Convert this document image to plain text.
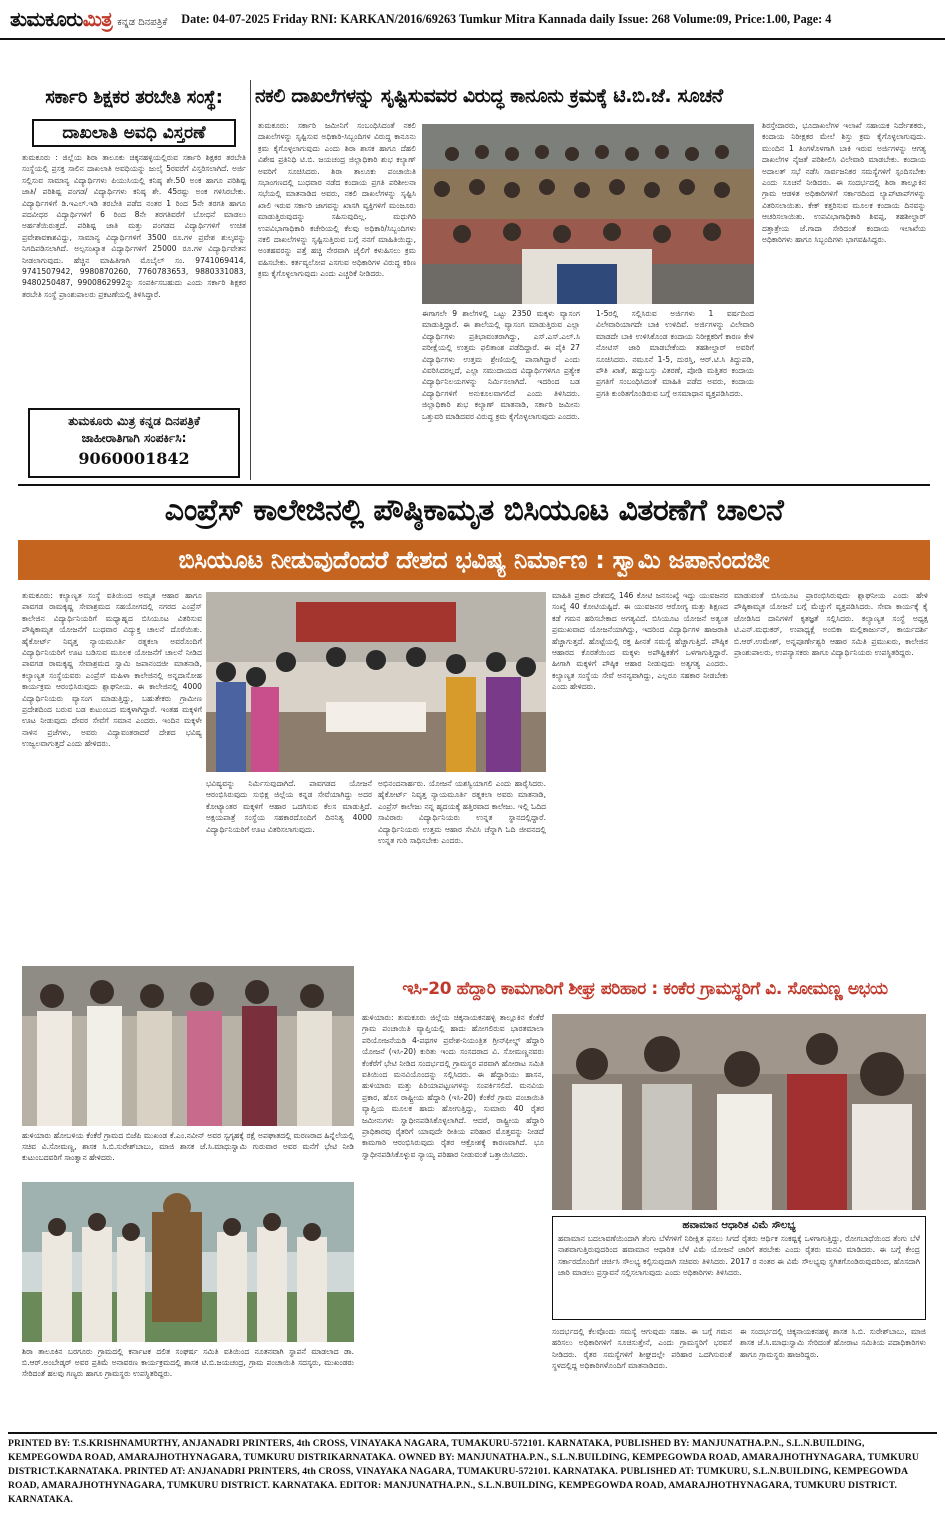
ತುಮಕೂರುಮಿತ್ರ ಕನ್ನಡ ದಿನಪತ್ರಿಕೆ Date: 04-07-2025 Friday RNI: KARKAN/2016/69263 Tumkur Mitra Kannada daily Issue: 268 Volume:09, Price:1.00, Page: 4
ಸರ್ಕಾರಿ ಶಿಕ್ಷಕರ ತರಬೇತಿ ಸಂಸ್ಥೆ:
ದಾಖಲಾತಿ ಅವಧಿ ವಿಸ್ತರಣೆ
ತುಮಕೂರು : ಜಿಲ್ಲೆಯ ಶಿರಾ ತಾಲೂಕು ಚಿಕ್ಕನಹಳ್ಳಿಯಲ್ಲಿರುವ ಸರ್ಕಾರಿ ಶಿಕ್ಷಕರ ತರಬೇತಿ ಸಂಸ್ಥೆಯಲ್ಲಿ ಪ್ರಸಕ್ತ ಸಾಲಿನ ದಾಖಲಾತಿ ಅವಧಿಯನ್ನು ಜುಲೈ 5ರವರೆಗೆ ವಿಸ್ತರಿಸಲಾಗಿದೆ. ಅರ್ಜಿ ಸಲ್ಲಿಸುವ ಸಾಮಾನ್ಯ ವಿದ್ಯಾರ್ಥಿಗಳು ಪಿಯುಸಿಯಲ್ಲಿ ಕನಿಷ್ಠ ಶೇ.50 ಅಂಕ ಹಾಗೂ ಪರಿಶಿಷ್ಟ ಜಾತಿ/ ಪರಿಶಿಷ್ಟ ಪಂಗಡ/ ವಿದ್ಯಾರ್ಥಿಗಳು ಕನಿಷ್ಠ ಶೇ. 45ರಷ್ಟು ಅಂಕ ಗಳಿಸಿರಬೇಕು. ವಿದ್ಯಾರ್ಥಿಗಳಿಗೆ ಡಿ.ಇಎಲ್.ಇಡಿ ತರಬೇತಿ ಪಡೆದ ನಂತರ 1 ರಿಂದ 5ನೇ ತರಗತಿ ಹಾಗೂ ಪದವೀಧರ ವಿದ್ಯಾರ್ಥಿಗಳಿಗೆ 6 ರಿಂದ 8ನೇ ತರಗತಿವರೆಗೆ ಬೋಧನೆ ಮಾಡಲು ಅರ್ಹತೆಯಿರುತ್ತದೆ. ಪರಿಶಿಷ್ಟ ಜಾತಿ ಮತ್ತು ಪಂಗಡದ ವಿದ್ಯಾರ್ಥಿಗಳಿಗೆ ಉಚಿತ ಪ್ರವೇಶಾವಕಾಶವಿದ್ದು, ಸಾಮಾನ್ಯ ವಿದ್ಯಾರ್ಥಿಗಳಿಗೆ 3500 ರೂ.ಗಳ ಪ್ರವೇಶ ಶುಲ್ಕವನ್ನು ನಿಗದಿಪಡಿಸಲಾಗಿದೆ. ಅಲ್ಪಸಂಖ್ಯಾತ ವಿದ್ಯಾರ್ಥಿಗಳಿಗೆ 25000 ರೂ.ಗಳ ವಿದ್ಯಾರ್ಥಿವೇತನ ನೀಡಲಾಗುವುದು. ಹೆಚ್ಚಿನ ಮಾಹಿತಿಗಾಗಿ ಮೊಬೈಲ್ ಸಂ. 9741069414, 9741507942, 9980870260, 7760783653, 9880331083, 9480250487, 9900862992ನ್ನು ಸಂಪರ್ಕಿಸಬಹುದು ಎಂದು ಸರ್ಕಾರಿ ಶಿಕ್ಷಕರ ತರಬೇತಿ ಸಂಸ್ಥೆ ಪ್ರಾಂಶುಪಾಲರು ಪ್ರಕಟಣೆಯಲ್ಲಿ ತಿಳಿಸಿದ್ದಾರೆ.
ತುಮಕೂರು ಮಿತ್ರ ಕನ್ನಡ ದಿನಪತ್ರಿಕೆ
ಜಾಹೀರಾತಿಗಾಗಿ ಸಂಪರ್ಕಿಸಿ:
9060001842
ನಕಲಿ ದಾಖಲೆಗಳನ್ನು ಸೃಷ್ಟಿಸುವವರ ವಿರುದ್ಧ ಕಾನೂನು ಕ್ರಮಕ್ಕೆ ಟಿ.ಬಿ.ಜೆ. ಸೂಚನೆ
ತುಮಕೂರು: ಸರ್ಕಾರಿ ಜಮೀನಿಗೆ ಸಂಬಂಧಿಸಿದಂತೆ ನಕಲಿ ದಾಖಲೆಗಳನ್ನು ಸೃಷ್ಟಿಸುವ ಅಧಿಕಾರಿ-ಸಿಬ್ಬಂದಿಗಳ ವಿರುದ್ಧ ಕಾನೂನು ಕ್ರಮ ಕೈಗೊಳ್ಳಲಾಗುವುದು ಎಂದು ಶಿರಾ ಶಾಸಕ ಹಾಗೂ ದೆಹಲಿ ವಿಶೇಷ ಪ್ರತಿನಿಧಿ ಟಿ.ಬಿ. ಜಯಚಂದ್ರ ಜಿಲ್ಲಾಧಿಕಾರಿ ಶುಭ ಕಲ್ಯಾಣ್ ಅವರಿಗೆ ಸೂಚಿಸಿದರು. ಶಿರಾ ತಾಲೂಕು ಪಂಚಾಯಿತಿ ಸಭಾಂಗಣದಲ್ಲಿ ಬುಧವಾರ ನಡೆದ ಕಂದಾಯ ಪ್ರಗತಿ ಪರಿಶೀಲನಾ ಸಭೆಯಲ್ಲಿ ಮಾತನಾಡಿದ ಅವರು, ನಕಲಿ ದಾಖಲೆಗಳನ್ನು ಸೃಷ್ಟಿಸಿ ಖಾಲಿ ಇರುವ ಸರ್ಕಾರಿ ಜಾಗವನ್ನು ಖಾಸಗಿ ವ್ಯಕ್ತಿಗಳಿಗೆ ಮಂಜೂರು ಮಾಡುತ್ತಿರುವುದನ್ನು ಸಹಿಸುವುದಿಲ್ಲ. ಮಧುಗಿರಿ ಉಪವಿಭಾಗಾಧಿಕಾರಿ ಕಚೇರಿಯಲ್ಲಿ ಕೆಲವು ಅಧಿಕಾರಿ/ಸಿಬ್ಬಂದಿಗಳು ನಕಲಿ ದಾಖಲೆಗಳನ್ನು ಸೃಷ್ಟಿಸುತ್ತಿರುವ ಬಗ್ಗೆ ನನಗೆ ಮಾಹಿತಿಯಿದ್ದು, ಅಂತಹವರನ್ನು ಪತ್ತೆ ಹಚ್ಚಿ ನೇರವಾಗಿ ಜೈಲಿಗೆ ಕಳುಹಿಸಲು ಕ್ರಮ ವಹಿಸಬೇಕು. ಕರ್ತವ್ಯಲೋಪ ಎಸಗುವ ಅಧಿಕಾರಿಗಳ ವಿರುದ್ಧ ಕಠಿಣ ಕ್ರಮ ಕೈಗೊಳ್ಳಲಾಗುವುದು ಎಂದು ಎಚ್ಚರಿಕೆ ನೀಡಿದರು.
ಈಗಾಗಲೇ 9 ಶಾಲೆಗಳಲ್ಲಿ ಒಟ್ಟು 2350 ಮಕ್ಕಳು ವ್ಯಾಸಂಗ ಮಾಡುತ್ತಿದ್ದಾರೆ. ಈ ಶಾಲೆಯಲ್ಲಿ ವ್ಯಾಸಂಗ ಮಾಡುತ್ತಿರುವ ಎಲ್ಲಾ ವಿದ್ಯಾರ್ಥಿಗಳು ಪ್ರತಿಭಾವಂತರಾಗಿದ್ದು, ಎಸ್.ಎಸ್.ಎಲ್.ಸಿ ಪರೀಕ್ಷೆಯಲ್ಲಿ ಉತ್ತಮ ಫಲಿತಾಂಶ ಪಡೆದಿದ್ದಾರೆ. ಈ ಪೈಕಿ 27 ವಿದ್ಯಾರ್ಥಿಗಳು ಉತ್ತಮ ಶ್ರೇಣಿಯಲ್ಲಿ ಪಾಸಾಗಿದ್ದಾರೆ ಎಂದು ವಿವರಿಸಿದರಲ್ಲದೆ, ಎಲ್ಲಾ ಸಮುದಾಯದ ವಿದ್ಯಾರ್ಥಿಗಳಿಗೂ ಪ್ರತ್ಯೇಕ ವಿದ್ಯಾರ್ಥಿನಿಲಯಗಳನ್ನು ನಿರ್ಮಿಸಲಾಗಿದೆ. ಇದರಿಂದ ಬಡ ವಿದ್ಯಾರ್ಥಿಗಳಿಗೆ ಅನುಕೂಲವಾಗಲಿದೆ ಎಂದು ತಿಳಿಸಿದರು. ಜಿಲ್ಲಾಧಿಕಾರಿ ಶುಭ ಕಲ್ಯಾಣ್ ಮಾತನಾಡಿ, ಸರ್ಕಾರಿ ಜಮೀನು ಒತ್ತುವರಿ ಮಾಡಿದವರ ವಿರುದ್ಧ ಕ್ರಮ ಕೈಗೊಳ್ಳಲಾಗುವುದು ಎಂದರು.
1-5ರಲ್ಲಿ ಸಲ್ಲಿಸಿರುವ ಅರ್ಜಿಗಳು 1 ವರ್ಷದಿಂದ ವಿಲೇವಾರಿಯಾಗದೇ ಬಾಕಿ ಉಳಿದಿವೆ. ಅರ್ಜಿಗಳನ್ನು ವಿಲೇವಾರಿ ಮಾಡದೇ ಬಾಕಿ ಉಳಿಸಿಕೊಂಡ ಕಂದಾಯ ನಿರೀಕ್ಷಕರಿಗೆ ಕಾರಣ ಕೇಳಿ ನೋಟಿಸ್ ಜಾರಿ ಮಾಡಬೇಕೆಂದು ತಹಶೀಲ್ದಾರ್ ಅವರಿಗೆ ಸೂಚಿಸಿದರು. ನಮೂನೆ 1-5, ದುರಸ್ತಿ, ಆರ್.ಟಿ.ಸಿ ತಿದ್ದುಪಡಿ, ಪೌತಿ ಖಾತೆ, ಹದ್ದುಬಸ್ತು ವಿತರಣೆ, ಪೋಡಿ ಮತ್ತಿತರ ಕಂದಾಯ ಪ್ರಗತಿಗೆ ಸಂಬಂಧಿಸಿದಂತೆ ಮಾಹಿತಿ ಪಡೆದ ಅವರು, ಕಂದಾಯ ಪ್ರಗತಿ ಕುಂಠಿತಗೊಂಡಿರುವ ಬಗ್ಗೆ ಅಸಮಾಧಾನ ವ್ಯಕ್ತಪಡಿಸಿದರು.
ಶಿರಸ್ತೇದಾರರು, ಭೂದಾಖಲೆಗಳ ಇಲಾಖೆ ಸಹಾಯಕ ನಿರ್ದೇಶಕರು, ಕಂದಾಯ ನಿರೀಕ್ಷಕರ ಮೇಲೆ ಶಿಸ್ತು ಕ್ರಮ ಕೈಗೊಳ್ಳಲಾಗುವುದು. ಮುಂದಿನ 1 ತಿಂಗಳೊಳಗಾಗಿ ಬಾಕಿ ಇರುವ ಅರ್ಜಿಗಳನ್ನು ಆಗತ್ಯ ದಾಖಲೆಗಳ ನೈಜತೆ ಪರಿಶೀಲಿಸಿ ವಿಲೇವಾರಿ ಮಾಡಬೇಕು. ಕಂದಾಯ ಅದಾಲತ್ ಸಭೆ ನಡೆಸಿ ಸಾರ್ವಜನಿಕರ ಸಮಸ್ಯೆಗಳಿಗೆ ಸ್ಪಂದಿಸಬೇಕು ಎಂದು ಸೂಚನೆ ನೀಡಿದರು. ಈ ಸಂದರ್ಭದಲ್ಲಿ ಶಿರಾ ತಾಲ್ಲೂಕಿನ ಗ್ರಾಮ ಆಡಳಿತ ಅಧಿಕಾರಿಗಳಿಗೆ ಸರ್ಕಾರದಿಂದ ಲ್ಯಾಪ್‍ಟಾಪ್‍ಗಳನ್ನು ವಿತರಿಸಲಾಯಿತು. ಕೇಕ್ ಕತ್ತರಿಸುವ ಮೂಲಕ ಕಂದಾಯ ದಿನವನ್ನು ಆಚರಿಸಲಾಯಿತು. ಉಪವಿಭಾಗಾಧಿಕಾರಿ ಶಿವಪ್ಪ, ತಹಶೀಲ್ದಾರ್ ದತ್ತಾತ್ರೇಯ ಜೆ.ಗಾದಾ ಸೇರಿದಂತೆ ಕಂದಾಯ ಇಲಾಖೆಯ ಅಧಿಕಾರಿಗಳು ಹಾಗೂ ಸಿಬ್ಬಂದಿಗಳು ಭಾಗವಹಿಸಿದ್ದರು.
ಎಂಪ್ರೆಸ್ ಕಾಲೇಜಿನಲ್ಲಿ ಪೌಷ್ಠಿಕಾಮೃತ ಬಿಸಿಯೂಟ ವಿತರಣೆಗೆ ಚಾಲನೆ
ಬಿಸಿಯೂಟ ನೀಡುವುದೆಂದರೆ ದೇಶದ ಭವಿಷ್ಯ ನಿರ್ಮಾಣ : ಸ್ವಾಮಿ ಜಪಾನಂದಜೀ
ತುಮಕೂರು: ಕಲ್ಯಾಣ್ಯತ ಸಂಸ್ಥೆ ವತಿಯಿಂದ ಅಮೃತ ಆಹಾರ ಹಾಗೂ ಪಾವಗಡ ರಾಮಕೃಷ್ಣ ಸೇವಾಶ್ರಮದ ಸಹಯೋಗದಲ್ಲಿ ನಗರದ ಎಂಪ್ರೆಸ್ ಕಾಲೇಜಿನ ವಿದ್ಯಾರ್ಥಿನಿಯರಿಗೆ ಮಧ್ಯಾಹ್ನದ ಬಿಸಿಯೂಟ ವಿತರಿಸುವ ಪೌಷ್ಠಿಕಾಮೃತ ಯೋಜನೆಗೆ ಬುಧವಾರ ವಿದ್ಯುಕ್ತ ಚಾಲನೆ ದೊರೆಯಿತು. ಹೈಕೋರ್ಟ್ ನಿವೃತ್ತ ನ್ಯಾಯಮೂರ್ತಿ ರತ್ನಕಲಾ ಅವರೊಂದಿಗೆ ವಿದ್ಯಾರ್ಥಿನಿಯರಿಗೆ ಊಟ ಬಡಿಸುವ ಮೂಲಕ ಯೋಜನೆಗೆ ಚಾಲನೆ ನೀಡಿದ ಪಾವಗಡ ರಾಮಕೃಷ್ಣ ಸೇವಾಶ್ರಮದ ಸ್ವಾಮಿ ಜಪಾನಂದಜೀ ಮಾತನಾಡಿ, ಕಲ್ಯಾಣ್ಯತ ಸಂಸ್ಥೆಯವರು ಎಂಪ್ರೆಸ್ ಮಹಿಳಾ ಕಾಲೇಜಿನಲ್ಲಿ ಅನ್ನದಾಸೋಹ ಕಾರ್ಯಕ್ರಮ ಆರಂಭಿಸಿರುವುದು ಶ್ಲಾಘನೀಯ. ಈ ಕಾಲೇಜಿನಲ್ಲಿ 4000 ವಿದ್ಯಾರ್ಥಿನಿಯರು ವ್ಯಾಸಂಗ ಮಾಡುತ್ತಿದ್ದು, ಬಹುತೇಕರು ಗ್ರಾಮೀಣ ಪ್ರದೇಶದಿಂದ ಬರುವ ಬಡ ಕುಟುಂಬದ ಮಕ್ಕಳಾಗಿದ್ದಾರೆ. ಇಂತಹ ಮಕ್ಕಳಿಗೆ ಊಟ ನೀಡುವುದು ದೇವರ ಸೇವೆಗೆ ಸಮಾನ ಎಂದರು. ಇಂದಿನ ಮಕ್ಕಳೇ ನಾಳಿನ ಪ್ರಜೆಗಳು, ಅವರು ವಿದ್ಯಾವಂತರಾದರೆ ದೇಶದ ಭವಿಷ್ಯ ಉಜ್ವಲವಾಗುತ್ತದೆ ಎಂದು ಹೇಳಿದರು.
ಭವಿಷ್ಯವನ್ನು ನಿರ್ಮಿಸುವುದಾಗಿದೆ. ಪಾವಗಡದ ಯೋಜನೆ ಆರಂಭಿಸಿರುವುದು ಸುಭಿಕ್ಷ ಜಿಲ್ಲೆಯ ಕನ್ನಡ ಸೇವೆಯಾಗಿದ್ದು ಅದರ ಕೋಟ್ಯಾಂತರ ಮಕ್ಕಳಿಗೆ ಆಹಾರ ಒದಗಿಸುವ ಕೆಲಸ ಮಾಡುತ್ತಿದೆ. ಅಕ್ಷಯಪಾತ್ರೆ ಸಂಸ್ಥೆಯ ಸಹಕಾರದೊಂದಿಗೆ ದಿನನಿತ್ಯ 4000 ವಿದ್ಯಾರ್ಥಿನಿಯರಿಗೆ ಊಟ ವಿತರಿಸಲಾಗುವುದು.
ಅಭಿನಂದನಾರ್ಹರು. ಯೋಜನೆ ಯಶಸ್ವಿಯಾಗಲಿ ಎಂದು ಹಾರೈಸಿದರು. ಹೈಕೋರ್ಟ್ ನಿವೃತ್ತ ನ್ಯಾಯಮೂರ್ತಿ ರತ್ನಕಲಾ ಅವರು ಮಾತನಾಡಿ, ಎಂಪ್ರೆಸ್ ಕಾಲೇಜು ನನ್ನ ಹೃದಯಕ್ಕೆ ಹತ್ತಿರವಾದ ಕಾಲೇಜು. ಇಲ್ಲಿ ಓದಿದ ಸಾವಿರಾರು ವಿದ್ಯಾರ್ಥಿನಿಯರು ಉನ್ನತ ಸ್ಥಾನದಲ್ಲಿದ್ದಾರೆ. ವಿದ್ಯಾರ್ಥಿನಿಯರು ಉತ್ತಮ ಆಹಾರ ಸೇವಿಸಿ ಚೆನ್ನಾಗಿ ಓದಿ ಜೀವನದಲ್ಲಿ ಉನ್ನತ ಗುರಿ ಸಾಧಿಸಬೇಕು ಎಂದರು.
ಮಾಹಿತಿ ಪ್ರಕಾರ ದೇಶದಲ್ಲಿ 146 ಕೋಟಿ ಜನಸಂಖ್ಯೆ ಇದ್ದು ಯುವಜನರ ಸಂಖ್ಯೆ 40 ಕೋಟಿಯಷ್ಟಿದೆ. ಈ ಯುವಜನರ ಆರೋಗ್ಯ ಮತ್ತು ಶಿಕ್ಷಣದ ಕಡೆ ಗಮನ ಹರಿಸಬೇಕಾದ ಅಗತ್ಯವಿದೆ. ಬಿಸಿಯೂಟ ಯೋಜನೆ ಅತ್ಯಂತ ಪ್ರಮುಖವಾದ ಯೋಜನೆಯಾಗಿದ್ದು, ಇದರಿಂದ ವಿದ್ಯಾರ್ಥಿಗಳ ಹಾಜರಾತಿ ಹೆಚ್ಚಾಗುತ್ತದೆ. ಹೊಟ್ಟೆಯಲ್ಲಿ ರಕ್ತ ಹೀನತೆ ಸಮಸ್ಯೆ ಹೆಚ್ಚಾಗುತ್ತಿದೆ. ಪೌಷ್ಠಿಕ ಆಹಾರದ ಕೊರತೆಯಿಂದ ಮಕ್ಕಳು ಅಪೌಷ್ಟಿಕತೆಗೆ ಒಳಗಾಗುತ್ತಿದ್ದಾರೆ. ಹೀಗಾಗಿ ಮಕ್ಕಳಿಗೆ ಪೌಷ್ಠಿಕ ಆಹಾರ ನೀಡುವುದು ಅತ್ಯಗತ್ಯ ಎಂದರು. ಕಲ್ಯಾಣ್ಯತ ಸಂಸ್ಥೆಯ ಸೇವೆ ಅನನ್ಯವಾಗಿದ್ದು, ಎಲ್ಲರೂ ಸಹಕಾರ ನೀಡಬೇಕು ಎಂದು ಹೇಳಿದರು.
ಮಾಡುವಂತೆ ಬಿಸಿಯೂಟ ಪ್ರಾರಂಭಿಸಿರುವುದು ಶ್ಲಾಘನೀಯ ಎಂದು ಹೇಳಿ ಪೌಷ್ಠಿಕಾಮೃತ ಯೋಜನೆ ಬಗ್ಗೆ ಮೆಚ್ಚುಗೆ ವ್ಯಕ್ತಪಡಿಸಿದರು. ಸೇವಾ ಕಾರ್ಯಕ್ಕೆ ಕೈ ಜೋಡಿಸಿದ ದಾನಿಗಳಿಗೆ ಕೃತಜ್ಞತೆ ಸಲ್ಲಿಸಿದರು. ಕಲ್ಯಾಣ್ಯತ ಸಂಸ್ಥೆ ಅಧ್ಯಕ್ಷ ಟಿ.ಎನ್.ಮಧುಕರ್, ಉಪಾಧ್ಯಕ್ಷೆ ಅಂಬಿಕಾ ಮಲ್ಲಿಕಾರ್ಜುನ್, ಕಾರ್ಯದರ್ಶಿ ಬಿ.ಆರ್.ಉಮೇಶ್, ಅನ್ನಪೂರ್ಣೇಶ್ವರಿ ಆಹಾರ ಸಮಿತಿ ಪ್ರಮುಖರು, ಕಾಲೇಜಿನ ಪ್ರಾಂಶುಪಾಲರು, ಉಪನ್ಯಾಸಕರು ಹಾಗೂ ವಿದ್ಯಾರ್ಥಿನಿಯರು ಉಪಸ್ಥಿತರಿದ್ದರು.
ಹುಳಿಯಾರು ಹೋಬಳಿಯ ಕೆಂಕೆರೆ ಗ್ರಾಮದ ಬಿಜೆಪಿ ಮುಖಂಡ ಕೆ.ಎಂ.ನವೀನ್ ಅವರ ಸ್ವಗೃಹಕ್ಕೆ ರಕ್ಷೆ ಅಪಘಾತದಲ್ಲಿ ಮರಣರಾದ ಹಿನ್ನೆಲೆಯಲ್ಲಿ ಸಚಿವ ವಿ.ಸೋಮಣ್ಣ, ಶಾಸಕ ಸಿ.ಬಿ.ಸುರೇಶ್‍ಬಾಬು, ಮಾಜಿ ಶಾಸಕ ಜೆ.ಸಿ.ಮಾಧುಸ್ವಾಮಿ ಗುರುವಾರ ಅವರ ಮನೆಗೆ ಭೇಟಿ ನೀಡಿ ಕುಟುಂಬದವರಿಗೆ ಸಾಂತ್ವಾನ ಹೇಳಿದರು.
ಇಸಿ-20 ಹೆದ್ದಾರಿ ಕಾಮಗಾರಿಗೆ ಶೀಘ್ರ ಪರಿಹಾರ : ಕಂಕೆರ ಗ್ರಾಮಸ್ಥರಿಗೆ ವಿ. ಸೋಮಣ್ಣ ಅಭಯ
ಹುಳಿಯಾರು: ತುಮಕೂರು ಜಿಲ್ಲೆಯ ಚಿಕ್ಕನಾಯಕನಹಳ್ಳಿ ತಾಲ್ಲೂಕಿನ ಕೆಂಕೆರೆ ಗ್ರಾಮ ಪಂಚಾಯಿತಿ ವ್ಯಾಪ್ತಿಯಲ್ಲಿ ಹಾದು ಹೋಗಲಿರುವ ಭಾರತಮಾಲಾ ಪರಿಯೋಜನೆಯಡಿ 4-ಪಥಗಳ ಪ್ರವೇಶ-ನಿಯಂತ್ರಿತ ಗ್ರೀನ್‍ಫೀಲ್ಡ್ ಹೆದ್ದಾರಿ ಯೋಜನೆ (ಇಸಿ-20) ಕುರಿತು ಇಂದು ಸಂಸದರಾದ ವಿ. ಸೋಮಣ್ಣನವರು ಕೆಂಕೆರೆಗೆ ಭೇಟಿ ನೀಡಿದ ಸಂದರ್ಭದಲ್ಲಿ ಗ್ರಾಮಸ್ಥರ ಪರವಾಗಿ ಹೋರಾಟ ಸಮಿತಿ ವತಿಯಿಂದ ಮನವಿಯೊಂದನ್ನು ಸಲ್ಲಿಸಿದರು. ಈ ಹೆದ್ದಾರಿಯು ಹಾಸನ, ಹುಳಿಯಾರು ಮತ್ತು ಪಿರಿಯಾಪಟ್ಟಣಗಳನ್ನು ಸಂಪರ್ಕಿಸಲಿದೆ. ಮನವಿಯ ಪ್ರಕಾರ, ಹೊಸ ರಾಷ್ಟ್ರೀಯ ಹೆದ್ದಾರಿ (ಇಸಿ-20) ಕೆಂಕೆರೆ ಗ್ರಾಮ ಪಂಚಾಯಿತಿ ವ್ಯಾಪ್ತಿಯ ಮೂಲಕ ಹಾದು ಹೋಗುತ್ತಿದ್ದು, ಸುಮಾರು 40 ರೈತರ ಜಮೀನುಗಳು ಸ್ವಾಧೀನಪಡಿಸಿಕೊಳ್ಳಲಾಗಿದೆ. ಆದರೆ, ರಾಷ್ಟ್ರೀಯ ಹೆದ್ದಾರಿ ಪ್ರಾಧಿಕಾರವು ರೈತರಿಗೆ ಯಾವುದೇ ರೀತಿಯ ಪರಿಹಾರ ಮೊತ್ತವನ್ನು ನೀಡದೆ ಕಾಮಗಾರಿ ಆರಂಭಿಸಿರುವುದು ರೈತರ ಆಕ್ರೋಶಕ್ಕೆ ಕಾರಣವಾಗಿದೆ. ಭೂ ಸ್ವಾಧೀನಪಡಿಸಿಕೊಳ್ಳುವ ನ್ಯಾಯ್ಯ ಪರಿಹಾರ ನೀಡುವಂತೆ ಒತ್ತಾಯಿಸಿದರು.
ಹವಾಮಾನ ಆಧಾರಿತ ವಿಮೆ ಸೌಲಭ್ಯ
ಹವಾಮಾನ ಬದಲಾವಣೆಯಿಂದಾಗಿ ತೆಂಗು ಬೆಳೆಗಳಿಗೆ ನಿರೀಕ್ಷಿತ ಫಸಲು ಸಿಗದೆ ರೈತರು ಆರ್ಥಿಕ ಸಂಕಷ್ಟಕ್ಕೆ ಒಳಗಾಗುತ್ತಿದ್ದು, ರೋಗಬಾಧೆಯಿಂದ ತೆಂಗು ಬೆಳೆ ನಾಶವಾಗುತ್ತಿರುವುದರಿಂದ ಹವಾಮಾನ ಆಧಾರಿತ ಬೆಳೆ ವಿಮೆ ಯೋಜನೆ ಜಾರಿಗೆ ತರಬೇಕು ಎಂದು ರೈತರು ಮನವಿ ಮಾಡಿದರು. ಈ ಬಗ್ಗೆ ಕೇಂದ್ರ ಸರ್ಕಾರದೊಂದಿಗೆ ಚರ್ಚಿಸಿ ಸೌಲಭ್ಯ ಕಲ್ಪಿಸುವುದಾಗಿ ಸಚಿವರು ತಿಳಿಸಿದರು. 2017 ರ ನಂತರ ಈ ವಿಮೆ ಸೌಲಭ್ಯವು ಸ್ಥಗಿತಗೊಂಡಿರುವುದರಿಂದ, ಹೊಸದಾಗಿ ಜಾರಿ ಮಾಡಲು ಪ್ರಸ್ತಾವನೆ ಸಲ್ಲಿಸಲಾಗುವುದು ಎಂದು ಅಧಿಕಾರಿಗಳು ತಿಳಿಸಿದರು.
ಸಂದರ್ಭದಲ್ಲಿ ಕೆಲವೊಂದು ಸಮಸ್ಯೆ ಆಗುವುದು ಸಹಜ. ಈ ಬಗ್ಗೆ ಗಮನ ಹರಿಸಲು ಅಧಿಕಾರಿಗಳಿಗೆ ಸೂಚಿಸುತ್ತೇನೆ, ಎಂದು ಗ್ರಾಮಸ್ಥರಿಗೆ ಭರವಸೆ ನೀಡಿದರು. ರೈತರ ಸಮಸ್ಯೆಗಳಿಗೆ ಶೀಘ್ರದಲ್ಲೇ ಪರಿಹಾರ ಒದಗಿಸುವಂತೆ ಸ್ಥಳದಲ್ಲಿದ್ದ ಅಧಿಕಾರಿಗಳೊಂದಿಗೆ ಮಾತನಾಡಿದರು.
ಈ ಸಂದರ್ಭದಲ್ಲಿ ಚಿಕ್ಕನಾಯಕನಹಳ್ಳಿ ಶಾಸಕ ಸಿ.ಬಿ. ಸುರೇಶ್‍ಬಾಬು, ಮಾಜಿ ಶಾಸಕ ಜೆ.ಸಿ.ಮಾಧುಸ್ವಾಮಿ ಸೇರಿದಂತೆ ಹೋರಾಟ ಸಮಿತಿಯ ಪದಾಧಿಕಾರಿಗಳು ಹಾಗೂ ಗ್ರಾಮಸ್ಥರು ಹಾಜರಿದ್ದರು.
ಶಿರಾ ತಾಲೂಕಿನ ಬರಗೂರು ಗ್ರಾಮದಲ್ಲಿ ಕರ್ನಾಟಕ ದಲಿತ ಸಂಘರ್ಷ ಸಮಿತಿ ವತಿಯಿಂದ ನೂತನವಾಗಿ ಸ್ಥಾಪನೆ ಮಾಡಲಾದ ಡಾ. ಬಿ.ಆರ್.ಅಂಬೇಡ್ಕರ್ ಅವರ ಪ್ರತಿಮೆ ಅನಾವರಣ ಕಾರ್ಯಕ್ರಮದಲ್ಲಿ ಶಾಸಕ ಟಿ.ಬಿ.ಜಯಚಂದ್ರ, ಗ್ರಾಮ ಪಂಚಾಯಿತಿ ಸದಸ್ಯರು, ಮುಖಂಡರು ಸೇರಿದಂತೆ ಹಲವು ಗಣ್ಯರು ಹಾಗೂ ಗ್ರಾಮಸ್ಥರು ಉಪಸ್ಥಿತರಿದ್ದರು.
PRINTED BY: T.S.KRISHNAMURTHY, ANJANADRI PRINTERS, 4th CROSS, VINAYAKA NAGARA, TUMAKURU-572101. KARNATAKA, PUBLISHED BY: MANJUNATHA.P.N., S.L.N.BUILDING, KEMPEGOWDA ROAD, AMARAJHOTHYNAGARA, TUMKURU DISTRIKARNATAKA. OWNED BY: MANJUNATHA.P.N., S.L.N.BUILDING, KEMPEGOWDA ROAD, AMARAJHOTHYNAGARA, TUMKURU DISTRICT.KARNATAKA. PRINTED AT: ANJANADRI PRINTERS, 4th CROSS, VINAYAKA NAGARA, TUMAKURU-572101. KARNATAKA. PUBLISHED AT: TUMKURU, S.L.N.BUILDING, KEMPEGOWDA ROAD, AMARAJHOTHYNAGARA, TUMKURU DISTRICT. KARNATAKA. EDITOR: MANJUNATHA.P.N., S.L.N.BUILDING, KEMPEGOWDA ROAD, AMARAJHOTHYNAGARA, TUMKURU DISTRICT. KARNATAKA.
